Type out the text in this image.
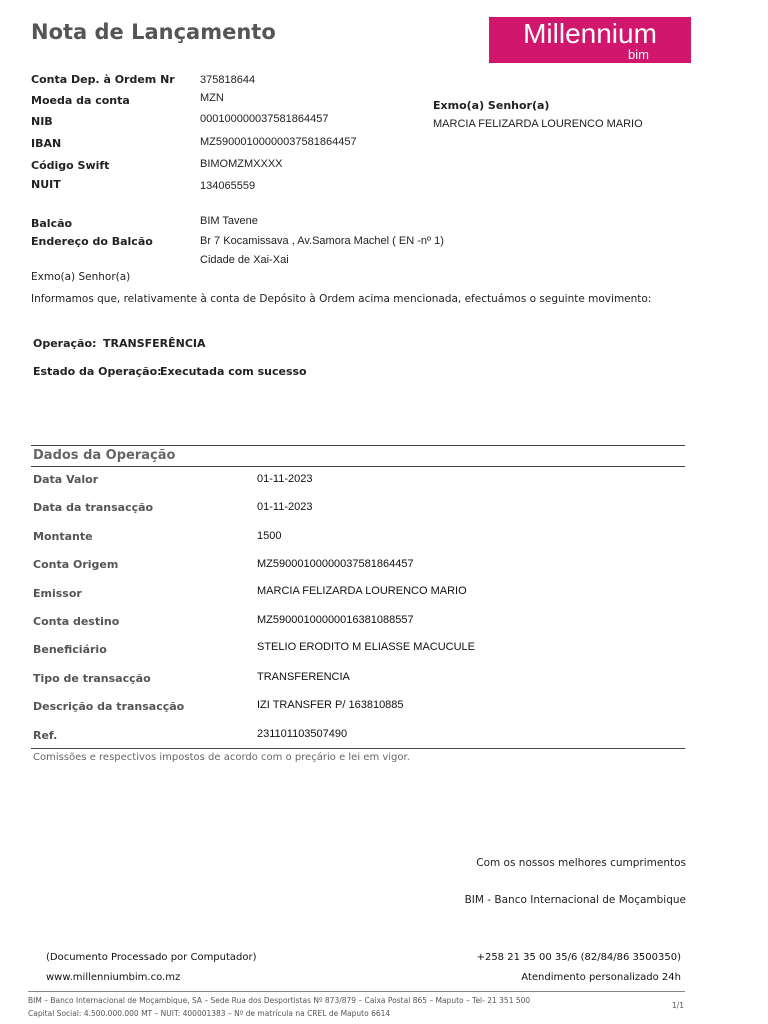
Nota de Lançamento	Millennium
bim
Conta Dep. à Ordem Nr 375818644
Moeda da conta	MZN
NIB	000100000037581864457
IBAN	MZ59000100000037581864457
Código Swift	BIMOMZMXXXX
NUIT	134065559
Exmo(a) Senhor(a)
MARCIA FELIZARDA LOURENCO MARIO
Balcão	BIM Tavene
Endereço do Balcão	Br 7 Kocamissava , Av.Samora Machel ( EN -nº 1)
Cidade de Xai-Xai
Exmo(a) Senhor(a)
Informamos que, relativamente à conta de Depósito à Ordem acima mencionada, efectuámos o seguinte movimento:
Operação: TRANSFERÊNCIA
Estado da Operação:
Executada com sucesso
Dados da Operação
Data Valor	01-11-2023
Data da transacção	01-11-2023
Montante	1500
Conta Origem	MZ59000100000037581864457
Emissor	MARCIA FELIZARDA LOURENCO MARIO
Conta destino	MZ59000100000016381088557
Beneficiário	STELIO ERODITO M ELIASSE MACUCULE
Tipo de transacção	TRANSFERENCIA
Descrição da transacção	IZI TRANSFER P/ 163810885
Ref.	231101103507490
Comissões e respectivos impostos de acordo com o preçário e lei em vigor.
Com os nossos melhores cumprimentos
BIM - Banco Internacional de Moçambique
(Documento Processado por Computador)
www.millenniumbim.co.mz
+258 21 35 00 35/6 (82/84/86 3500350)
Atendimento personalizado 24h
BIM – Banco Internacional de Moçambique, SA – Sede Rua dos Desportistas Nº 873/879 – Caixa Postal 865 – Maputo – Tel- 21 351 500
Capital Social: 4.500.000.000 MT – NUIT: 400001383 – Nº de matrícula na CREL de Maputo 6614
1/1
